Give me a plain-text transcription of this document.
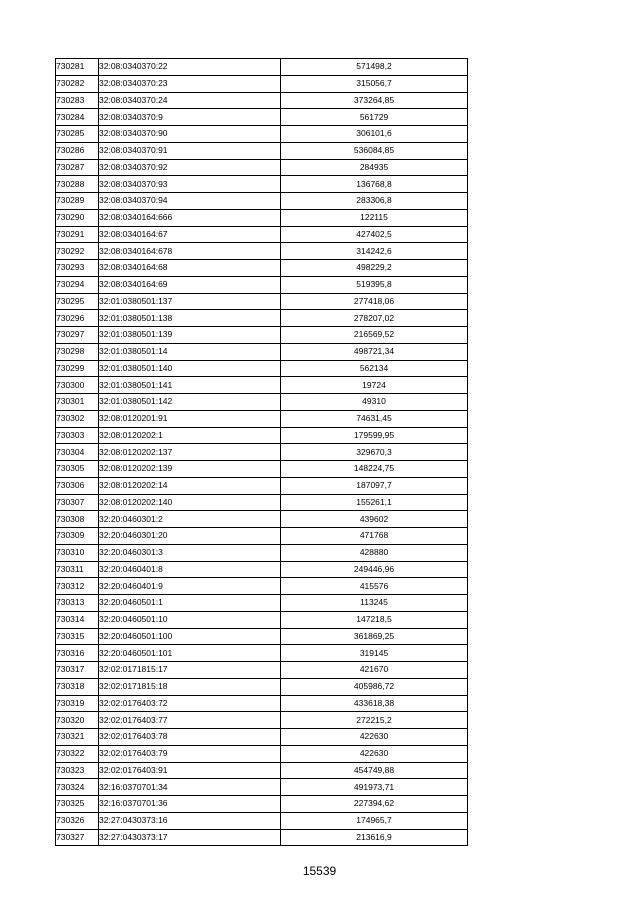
730281	32:08:0340370:22	571498,2
730282	32:08:0340370:23	315056,7
730283	32:08:0340370:24	373264,85
730284	32:08:0340370:9	561729
730285	32:08:0340370:90	306101,6
730286	32:08:0340370:91	536084,85
730287	32:08:0340370:92	284935
730288	32:08:0340370:93	136768,8
730289	32:08:0340370:94	283306,8
730290	32:08:0340164:666	122115
730291	32:08:0340164:67	427402,5
730292	32:08:0340164:678	314242,6
730293	32:08:0340164:68	498229,2
730294	32:08:0340164:69	519395,8
730295	32:01:0380501:137	277418,06
730296	32:01:0380501:138	278207,02
730297	32:01:0380501:139	216569,52
730298	32:01:0380501:14	498721,34
730299	32:01:0380501:140	562134
730300	32:01:0380501:141	19724
730301	32:01:0380501:142	49310
730302	32:08:0120201:91	74631,45
730303	32:08:0120202:1	179599,95
730304	32:08:0120202:137	329670,3
730305	32:08:0120202:139	148224,75
730306	32:08:0120202:14	187097,7
730307	32:08:0120202:140	155261,1
730308	32:20:0460301:2	439602
730309	32:20:0460301:20	471768
730310	32:20:0460301:3	428880
730311	32:20:0460401:8	249446,96
730312	32:20:0460401:9	415576
730313	32:20:0460501:1	113245
730314	32:20:0460501:10	147218,5
730315	32:20:0460501:100	361869,25
730316	32:20:0460501:101	319145
730317	32:02:0171815:17	421670
730318	32:02:0171815:18	405986,72
730319	32:02:0176403:72	433618,38
730320	32:02:0176403:77	272215,2
730321	32:02:0176403:78	422630
730322	32:02:0176403:79	422630
730323	32:02:0176403:91	454749,88
730324	32:16:0370701:34	491973,71
730325	32:16:0370701:36	227394,62
730326	32:27:0430373:16	174965,7
730327	32:27:0430373:17	213616,9
15539
